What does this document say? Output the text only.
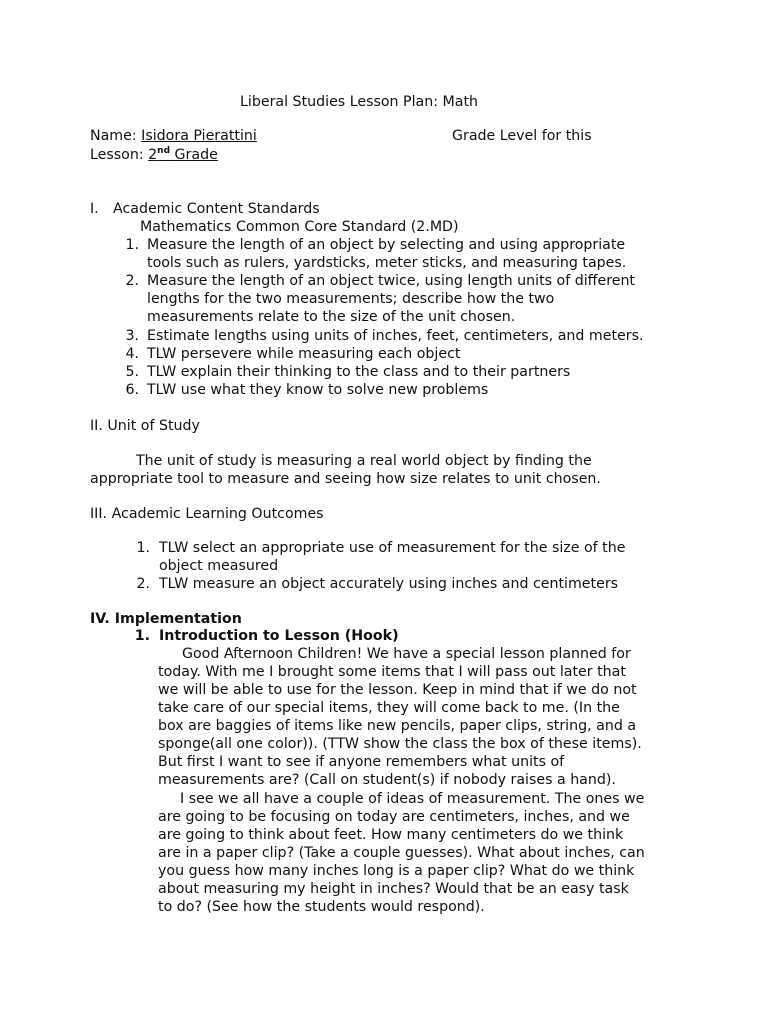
Liberal Studies Lesson Plan: Math
Name: Isidora Pierattini	Grade Level for this
Lesson: 2nd Grade
I. Academic Content Standards
Mathematics Common Core Standard (2.MD)
1. Measure the length of an object by selecting and using appropriate
tools such as rulers, yardsticks, meter sticks, and measuring tapes.
2. Measure the length of an object twice, using length units of different
lengths for the two measurements; describe how the two
measurements relate to the size of the unit chosen.
3. Estimate lengths using units of inches, feet, centimeters, and meters.
4. TLW persevere while measuring each object
5. TLW explain their thinking to the class and to their partners
6. TLW use what they know to solve new problems
II. Unit of Study
The unit of study is measuring a real world object by finding the
appropriate tool to measure and seeing how size relates to unit chosen.
III. Academic Learning Outcomes
1. TLW select an appropriate use of measurement for the size of the
object measured
2. TLW measure an object accurately using inches and centimeters
IV. Implementation
1. Introduction to Lesson (Hook)
Good Afternoon Children! We have a special lesson planned for
today. With me I brought some items that I will pass out later that
we will be able to use for the lesson. Keep in mind that if we do not
take care of our special items, they will come back to me. (In the
box are baggies of items like new pencils, paper clips, string, and a
sponge(all one color)). (TTW show the class the box of these items).
But first I want to see if anyone remembers what units of
measurements are? (Call on student(s) if nobody raises a hand).
I see we all have a couple of ideas of measurement. The ones we
are going to be focusing on today are centimeters, inches, and we
are going to think about feet. How many centimeters do we think
are in a paper clip? (Take a couple guesses). What about inches, can
you guess how many inches long is a paper clip? What do we think
about measuring my height in inches? Would that be an easy task
to do? (See how the students would respond).
